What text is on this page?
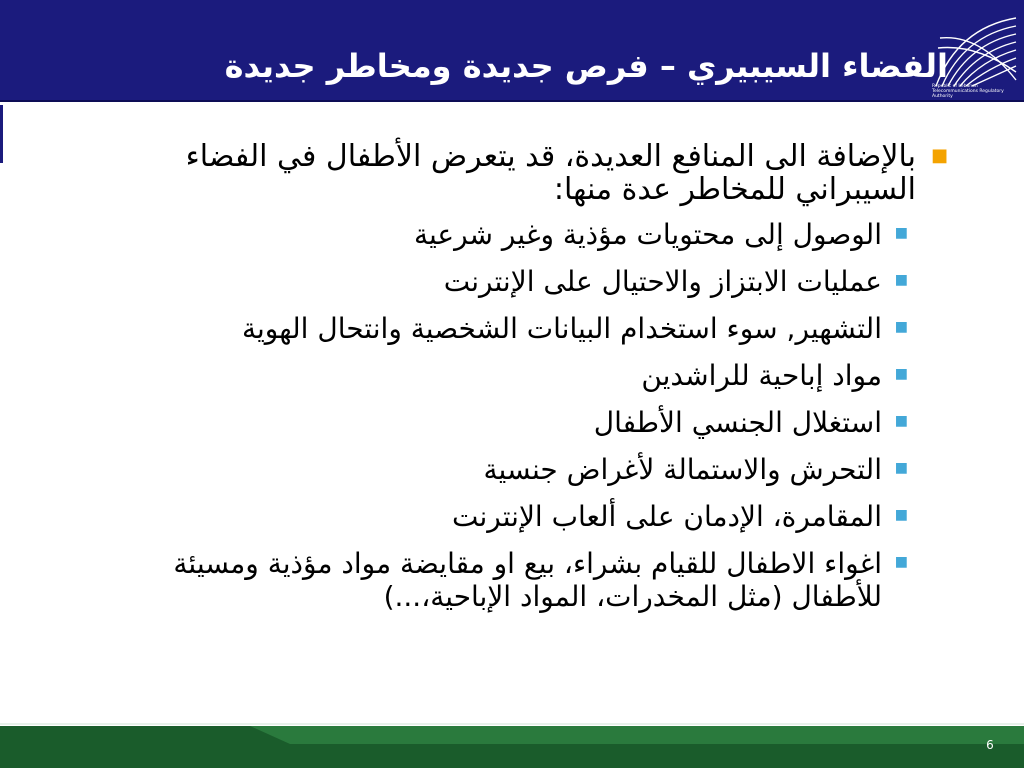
الفضاء السيبيري – فرص جديدة ومخاطر جديدة
Republic of Lebanon Telecommunications Regulatory Authority
■
بالإضافة الى المنافع العديدة، قد يتعرض الأطفال في الفضاء السيبراني للمخاطر عدة منها:
■
الوصول إلى محتويات مؤذية وغير شرعية
■
عمليات الابتزاز والاحتيال على الإنترنت
■
التشهير, سوء استخدام البيانات الشخصية وانتحال الهوية
■
مواد إباحية للراشدين
■
استغلال الجنسي الأطفال
■
التحرش والاستمالة لأغراض جنسية
■
المقامرة، الإدمان على ألعاب الإنترنت
■
اغواء الاطفال للقيام بشراء، بيع او مقايضة مواد مؤذية ومسيئة للأطفال (مثل المخدرات، المواد الإباحية،...)
6
